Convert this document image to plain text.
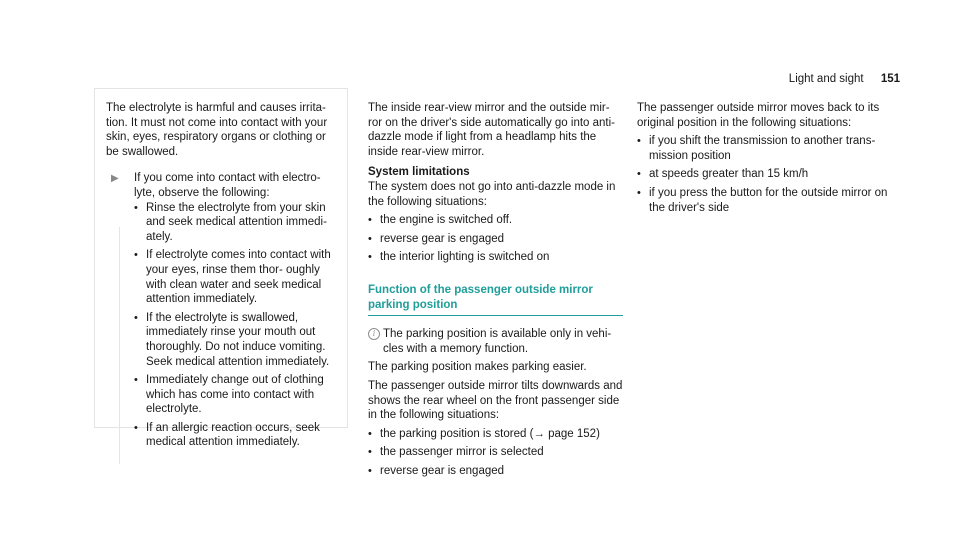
Light and sight 151

The electrolyte is harmful and causes irrita- tion. It must not come into contact with your skin, eyes, respiratory organs or clothing or be swallowed.

▶ If you come into contact with electro- lyte, observe the following:

• Rinse the electrolyte from your skin and seek medical attention immedi- ately.
• If electrolyte comes into contact with your eyes, rinse them thor- oughly with clean water and seek medical attention immediately.
• If the electrolyte is swallowed, immediately rinse your mouth out thoroughly. Do not induce vomiting. Seek medical attention immediately.
• Immediately change out of clothing which has come into contact with electrolyte.
• If an allergic reaction occurs, seek medical attention immediately.

The inside rear-view mirror and the outside mir- ror on the driver's side automatically go into anti-dazzle mode if light from a headlamp hits the inside rear-view mirror.

System limitations

The system does not go into anti-dazzle mode in the following situations:

• the engine is switched off.
• reverse gear is engaged
• the interior lighting is switched on
Function of the passenger outside mirror
parking position
i The parking position is available only in vehi- cles with a memory function.

The parking position makes parking easier.

The passenger outside mirror tilts downwards and shows the rear wheel on the front passenger side in the following situations:

• the parking position is stored (→ page 152)
• the passenger mirror is selected
• reverse gear is engaged

The passenger outside mirror moves back to its original position in the following situations:

• if you shift the transmission to another trans- mission position
• at speeds greater than 15 km/h
• if you press the button for the outside mirror on the driver's side
